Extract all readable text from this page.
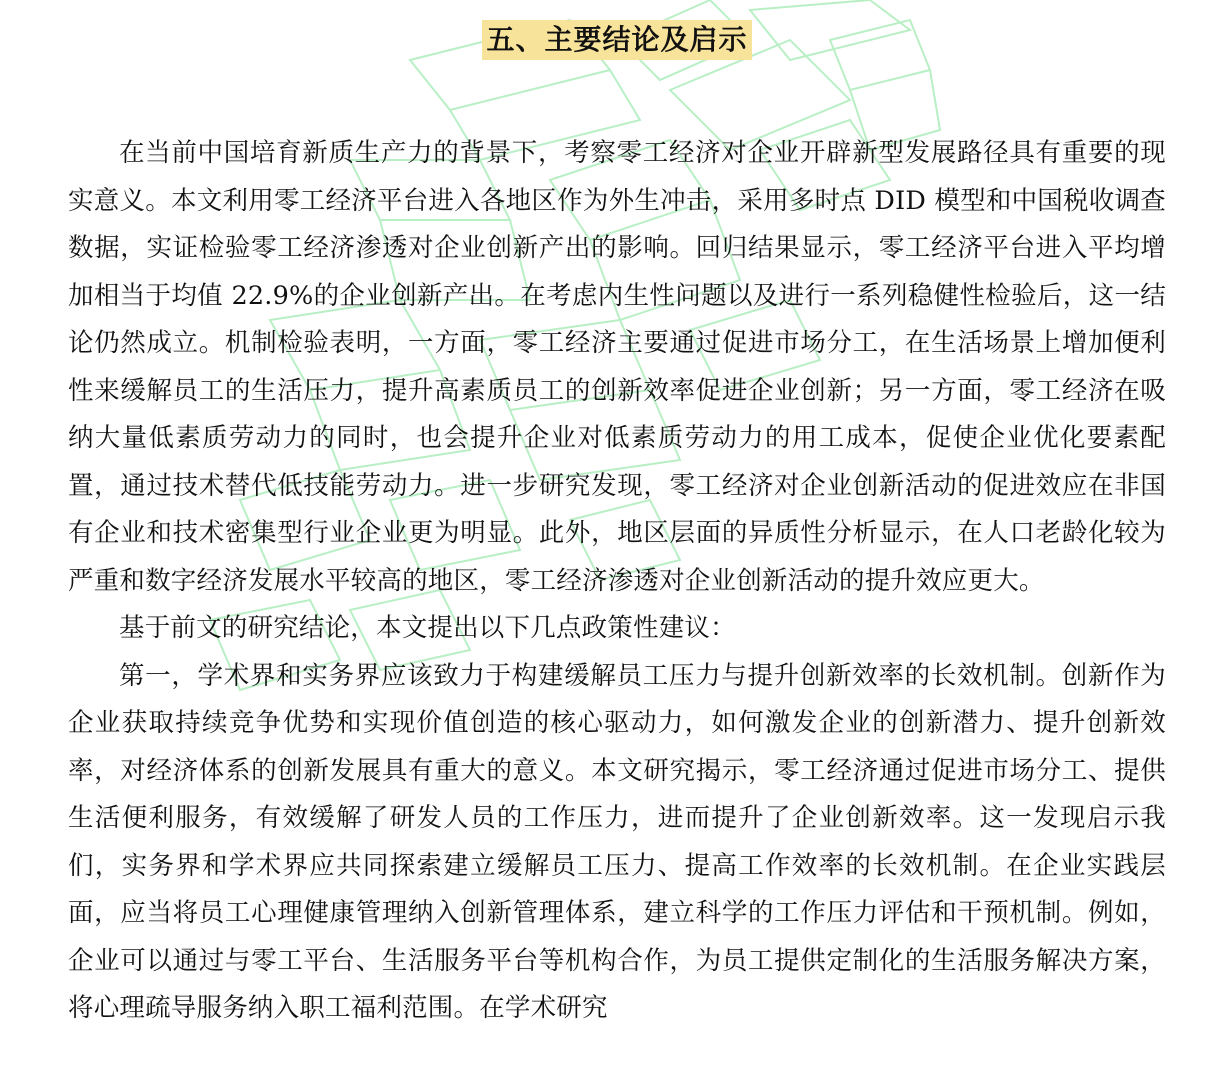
五、主要结论及启示

在当前中国培育新质生产力的背景下，考察零工经济对企业开辟新型发展路径具有重要的现实意义。本文利用零工经济平台进入各地区作为外生冲击，采用多时点 DID 模型和中国税收调查数据，实证检验零工经济渗透对企业创新产出的影响。回归结果显示，零工经济平台进入平均增加相当于均值 22.9%的企业创新产出。在考虑内生性问题以及进行一系列稳健性检验后，这一结论仍然成立。机制检验表明，一方面，零工经济主要通过促进市场分工，在生活场景上增加便利性来缓解员工的生活压力，提升高素质员工的创新效率促进企业创新；另一方面，零工经济在吸纳大量低素质劳动力的同时，也会提升企业对低素质劳动力的用工成本，促使企业优化要素配置，通过技术替代低技能劳动力。进一步研究发现，零工经济对企业创新活动的促进效应在非国有企业和技术密集型行业企业更为明显。此外，地区层面的异质性分析显示，在人口老龄化较为严重和数字经济发展水平较高的地区，零工经济渗透对企业创新活动的提升效应更大。

基于前文的研究结论，本文提出以下几点政策性建议：

第一，学术界和实务界应该致力于构建缓解员工压力与提升创新效率的长效机制。创新作为企业获取持续竞争优势和实现价值创造的核心驱动力，如何激发企业的创新潜力、提升创新效率，对经济体系的创新发展具有重大的意义。本文研究揭示，零工经济通过促进市场分工、提供生活便利服务，有效缓解了研发人员的工作压力，进而提升了企业创新效率。这一发现启示我们，实务界和学术界应共同探索建立缓解员工压力、提高工作效率的长效机制。在企业实践层面，应当将员工心理健康管理纳入创新管理体系，建立科学的工作压力评估和干预机制。例如，企业可以通过与零工平台、生活服务平台等机构合作，为员工提供定制化的生活服务解决方案，将心理疏导服务纳入职工福利范围。在学术研究
